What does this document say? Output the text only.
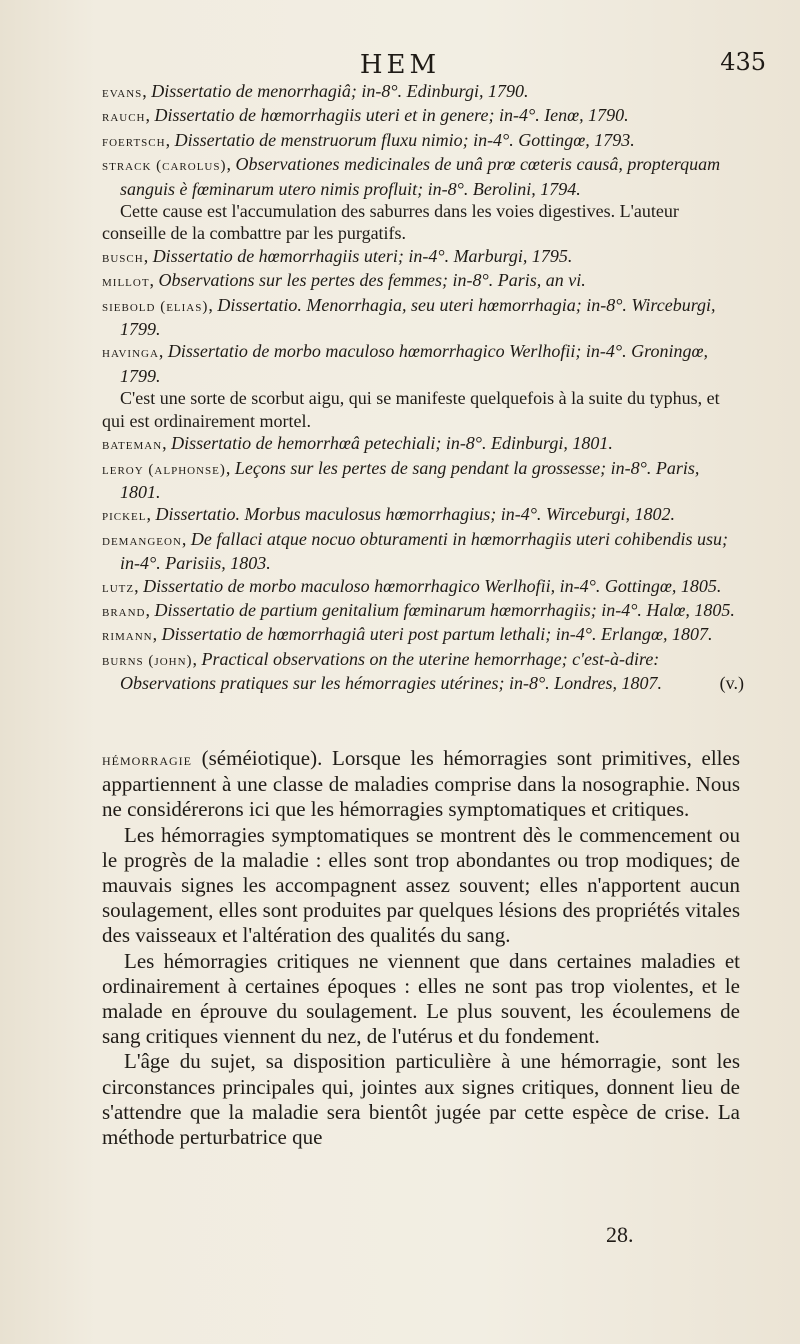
HEM	435

evans, Dissertatio de menorrhagiâ; in-8°. Edinburgi, 1790.

rauch, Dissertatio de hœmorrhagiis uteri et in genere; in-4°. Ienœ, 1790.

foertsch, Dissertatio de menstruorum fluxu nimio; in-4°. Gottingœ, 1793.

strack (carolus), Observationes medicinales de unâ prœ cœteris causâ, propterquam sanguis è fœminarum utero nimis profluit; in-8°. Berolini, 1794.

Cette cause est l'accumulation des saburres dans les voies digestives. L'auteur conseille de la combattre par les purgatifs.

busch, Dissertatio de hœmorrhagiis uteri; in-4°. Marburgi, 1795.

millot, Observations sur les pertes des femmes; in-8°. Paris, an vi.

siebold (elias), Dissertatio. Menorrhagia, seu uteri hœmorrhagia; in-8°. Wirceburgi, 1799.

havinga, Dissertatio de morbo maculoso hœmorrhagico Werlhofii; in-4°. Groningœ, 1799.

C'est une sorte de scorbut aigu, qui se manifeste quelquefois à la suite du typhus, et qui est ordinairement mortel.

bateman, Dissertatio de hemorrhœâ petechiali; in-8°. Edinburgi, 1801.

leroy (alphonse), Leçons sur les pertes de sang pendant la grossesse; in-8°. Paris, 1801.

pickel, Dissertatio. Morbus maculosus hœmorrhagius; in-4°. Wirceburgi, 1802.

demangeon, De fallaci atque nocuo obturamenti in hœmorrhagiis uteri cohibendis usu; in-4°. Parisiis, 1803.

lutz, Dissertatio de morbo maculoso hœmorrhagico Werlhofii, in-4°. Gottingœ, 1805.

brand, Dissertatio de partium genitalium fœminarum hœmorrhagiis; in-4°. Halœ, 1805.

rimann, Dissertatio de hœmorrhagiâ uteri post partum lethali; in-4°. Erlangœ, 1807.

burns (john), Practical observations on the uterine hemorrhage; c'est-à-dire: Observations pratiques sur les hémorragies utérines; in-8°. Londres, 1807.	(v.)

hémorragie (séméiotique). Lorsque les hémorragies sont primitives, elles appartiennent à une classe de maladies comprise dans la nosographie. Nous ne considérerons ici que les hémorragies symptomatiques et critiques.

Les hémorragies symptomatiques se montrent dès le commencement ou le progrès de la maladie : elles sont trop abondantes ou trop modiques; de mauvais signes les accompagnent assez souvent; elles n'apportent aucun soulagement, elles sont produites par quelques lésions des propriétés vitales des vaisseaux et l'altération des qualités du sang.

Les hémorragies critiques ne viennent que dans certaines maladies et ordinairement à certaines époques : elles ne sont pas trop violentes, et le malade en éprouve du soulagement. Le plus souvent, les écoulemens de sang critiques viennent du nez, de l'utérus et du fondement.

L'âge du sujet, sa disposition particulière à une hémorragie, sont les circonstances principales qui, jointes aux signes critiques, donnent lieu de s'attendre que la maladie sera bientôt jugée par cette espèce de crise. La méthode perturbatrice que

28.
